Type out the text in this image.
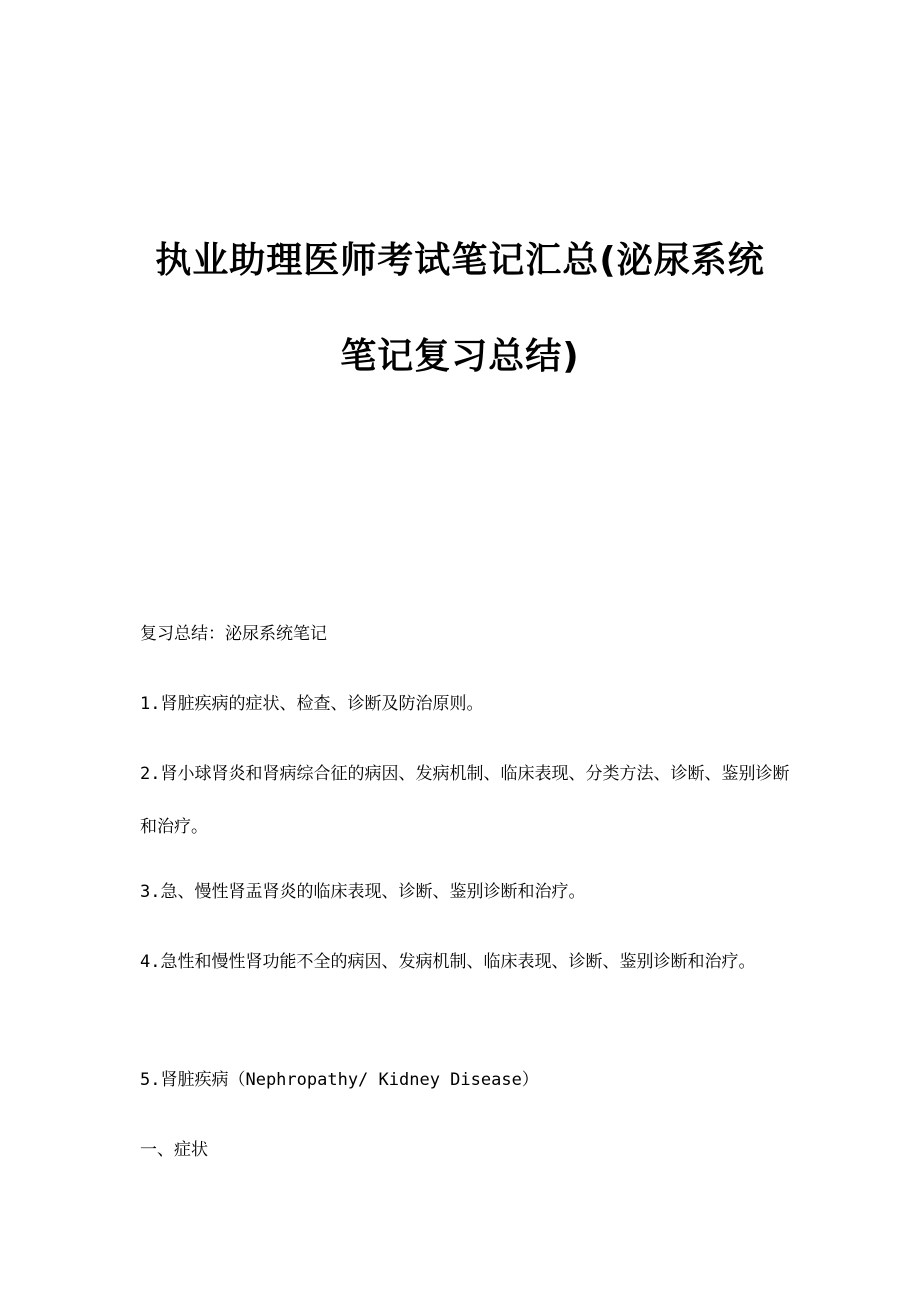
执业助理医师考试笔记汇总(泌尿系统
笔记复习总结)

复习总结：泌尿系统笔记

1.肾脏疾病的症状、检查、诊断及防治原则。

2.肾小球肾炎和肾病综合征的病因、发病机制、临床表现、分类方法、诊断、鉴别诊断和治疗。

3.急、慢性肾盂肾炎的临床表现、诊断、鉴别诊断和治疗。

4.急性和慢性肾功能不全的病因、发病机制、临床表现、诊断、鉴别诊断和治疗。

5.肾脏疾病（Nephropathy/ Kidney Disease）

一、症状
